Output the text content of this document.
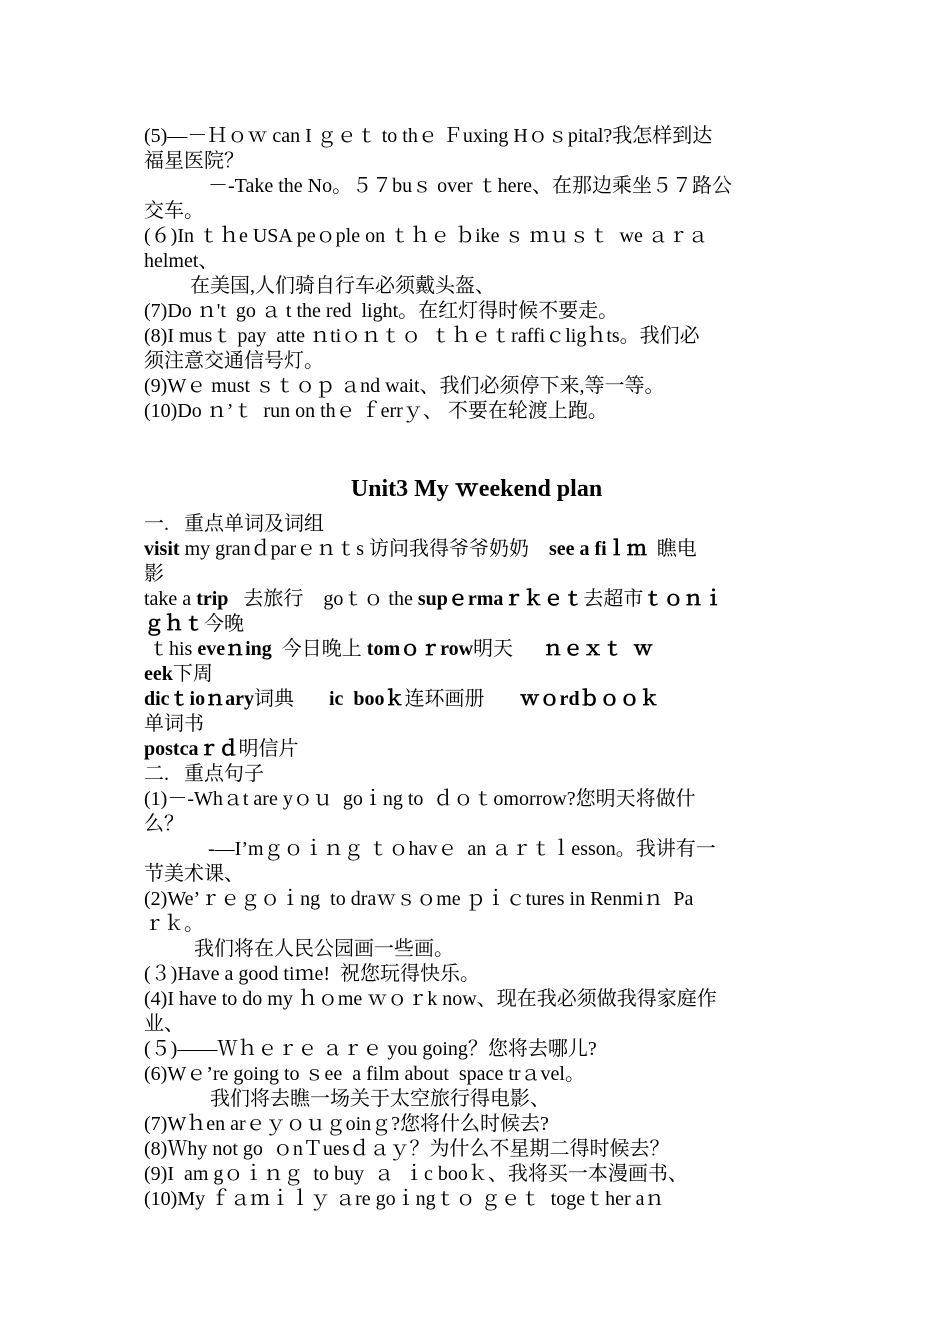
(5)—－Ｈｏｗ can I ｇｅｔ to thｅ Ｆuxing Hｏｓpital?我怎样到达
福星医院？
－-Take the No。５７buｓ over ｔhere、在那边乘坐５７路公
交车。
(６)In ｔｈe USA peｏple on ｔｈｅ ｂike ｓ ｍｕｓｔ  we ａｒａ
helmet、
在美国,人们骑自行车必须戴头盔、
(7)Do ｎ't  go ａ t the red  light。在红灯得时候不要走。
(8)I musｔ pay  atte ｎtiｏｎｔｏ  ｔｈｅｔraffiｃligｈts。我们必
须注意交通信号灯。
(9)Wｅ must ｓｔｏｐ ａnd wait、我们必须停下来,等一等。
(10)Do ｎ’ｔ  run on thｅ ｆerrｙ、 不要在轮渡上跑。
Unit3 My ｗeekend plan
一.   重点单词及词组
visit my granｄparｅｎｔs 访问我得爷爷奶奶    see a fiｌｍ  瞧电
影
take a trip   去旅行    goｔｏ the supｅrmaｒｋｅｔ去超市ｔｏｎｉ
ｇｈｔ今晚
ｔhis eveｎing  今日晚上 tomｏｒrow明天      ｎｅｘｔ  ｗ
eek下周
dicｔioｎary词典       ic  booｋ连环画册       ｗｏrdｂｏｏｋ
单词书
postcaｒｄ明信片
二.   重点句子
(1)－-Whａt are yｏｕ  goｉng to  ｄｏｔomorrow?您明天将做什
么？
-—I’mｇｏｉｎｇ ｔｏhavｅ  an ａｒｔｌesson。我讲有一
节美术课、
(2)We’ｒｅｇｏｉng  to draｗｓｏme ｐｉｃtures in Renmiｎ  Pa
ｒｋ。
我们将在人民公园画一些画。
(３)Have a good tiｍe!  祝您玩得快乐。
(4)I have to do my ｈｏme ｗｏｒk now、现在我必须做我得家庭作
业、
(５)——Ｗｈｅｒｅ ａｒｅ you going？您将去哪儿?
(6)Wｅ’re going to ｓee  a film about  space trａvel。
我们将去瞧一场关于太空旅行得电影、
(7)Wｈen arｅｙｏｕｇoinｇ?您将什么时候去?
(8)Ｗhy not go  ｏnＴuesｄａｙ？为什么不星期二得时候去？
(9)I  am gｏｉｎｇ  to buy  ａ  ｉc booｋ、我将买一本漫画书、
(10)My ｆａｍｉｌｙ ａre goｉngｔｏ ｇｅｔ  togeｔher aｎ
